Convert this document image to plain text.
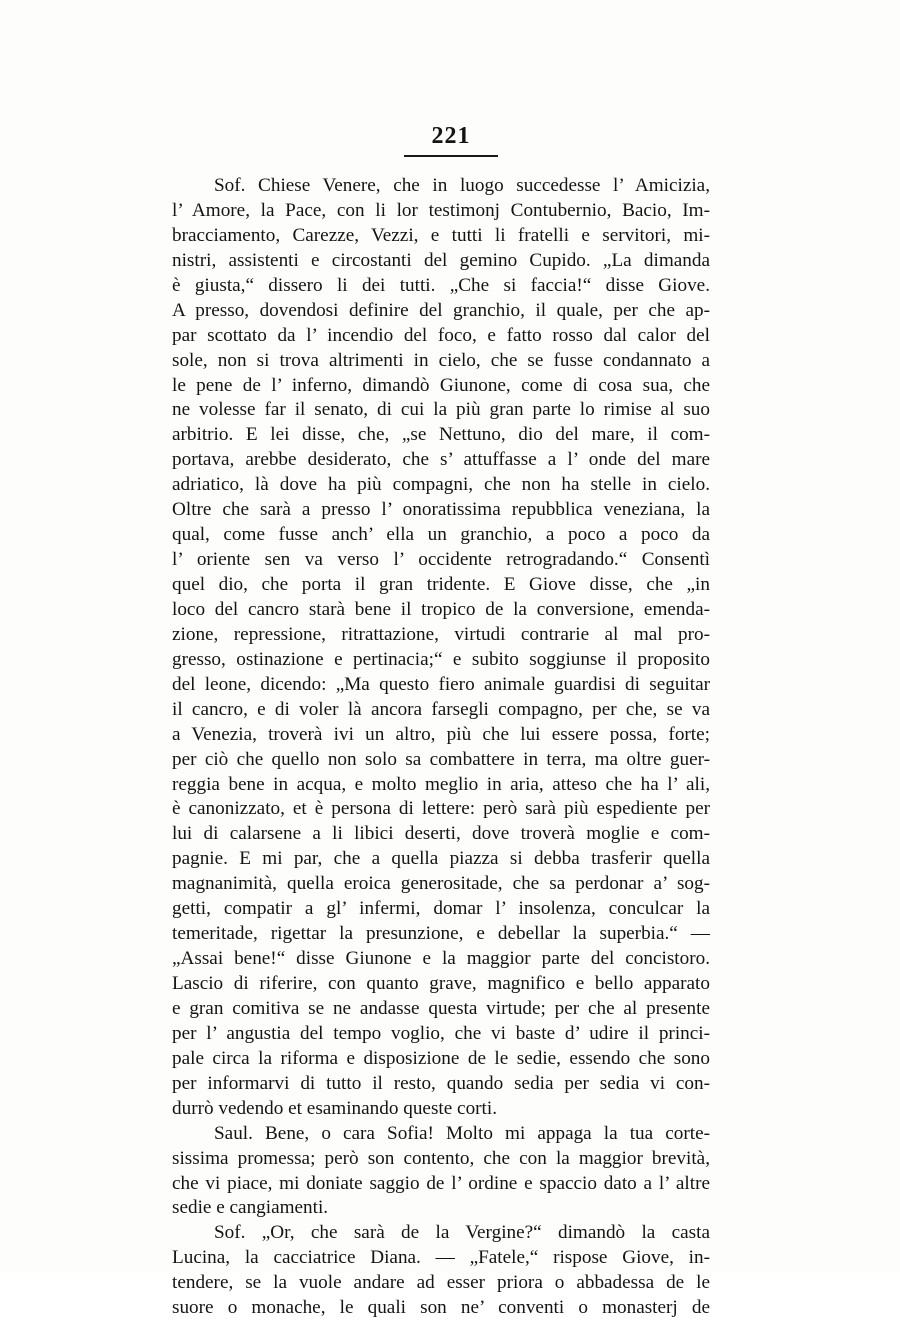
221
Sof. Chiese Venere, che in luogo succedesse l’ Amicizia,
l’ Amore, la Pace, con li lor testimonj Contubernio, Bacio, Im-
bracciamento, Carezze, Vezzi, e tutti li fratelli e servitori, mi-
nistri, assistenti e circostanti del gemino Cupido. „La dimanda
è giusta,“ dissero li dei tutti. „Che si faccia!“ disse Giove.
A presso, dovendosi definire del granchio, il quale, per che ap-
par scottato da l’ incendio del foco, e fatto rosso dal calor del
sole, non si trova altrimenti in cielo, che se fusse condannato a
le pene de l’ inferno, dimandò Giunone, come di cosa sua, che
ne volesse far il senato, di cui la più gran parte lo rimise al suo
arbitrio. E lei disse, che, „se Nettuno, dio del mare, il com-
portava, arebbe desiderato, che s’ attuffasse a l’ onde del mare
adriatico, là dove ha più compagni, che non ha stelle in cielo.
Oltre che sarà a presso l’ onoratissima repubblica veneziana, la
qual, come fusse anch’ ella un granchio, a poco a poco da
l’ oriente sen va verso l’ occidente retrogradando.“ Consentì
quel dio, che porta il gran tridente. E Giove disse, che „in
loco del cancro starà bene il tropico de la conversione, emenda-
zione, repressione, ritrattazione, virtudi contrarie al mal pro-
gresso, ostinazione e pertinacia;“ e subito soggiunse il proposito
del leone, dicendo: „Ma questo fiero animale guardisi di seguitar
il cancro, e di voler là ancora farsegli compagno, per che, se va
a Venezia, troverà ivi un altro, più che lui essere possa, forte;
per ciò che quello non solo sa combattere in terra, ma oltre guer-
reggia bene in acqua, e molto meglio in aria, atteso che ha l’ ali,
è canonizzato, et è persona di lettere: però sarà più espediente per
lui di calarsene a li libici deserti, dove troverà moglie e com-
pagnie. E mi par, che a quella piazza si debba trasferir quella
magnanimità, quella eroica generositade, che sa perdonar a’ sog-
getti, compatir a gl’ infermi, domar l’ insolenza, conculcar la
temeritade, rigettar la presunzione, e debellar la superbia.“ —
„Assai bene!“ disse Giunone e la maggior parte del concistoro.
Lascio di riferire, con quanto grave, magnifico e bello apparato
e gran comitiva se ne andasse questa virtude; per che al presente
per l’ angustia del tempo voglio, che vi baste d’ udire il princi-
pale circa la riforma e disposizione de le sedie, essendo che sono
per informarvi di tutto il resto, quando sedia per sedia vi con-
durrò vedendo et esaminando queste corti.
Saul. Bene, o cara Sofia! Molto mi appaga la tua corte-
sissima promessa; però son contento, che con la maggior brevità,
che vi piace, mi doniate saggio de l’ ordine e spaccio dato a l’ altre
sedie e cangiamenti.
Sof. „Or, che sarà de la Vergine?“ dimandò la casta
Lucina, la cacciatrice Diana. — „Fatele,“ rispose Giove, in-
tendere, se la vuole andare ad esser priora o abbadessa de le
suore o monache, le quali son ne’ conventi o monasterj de
